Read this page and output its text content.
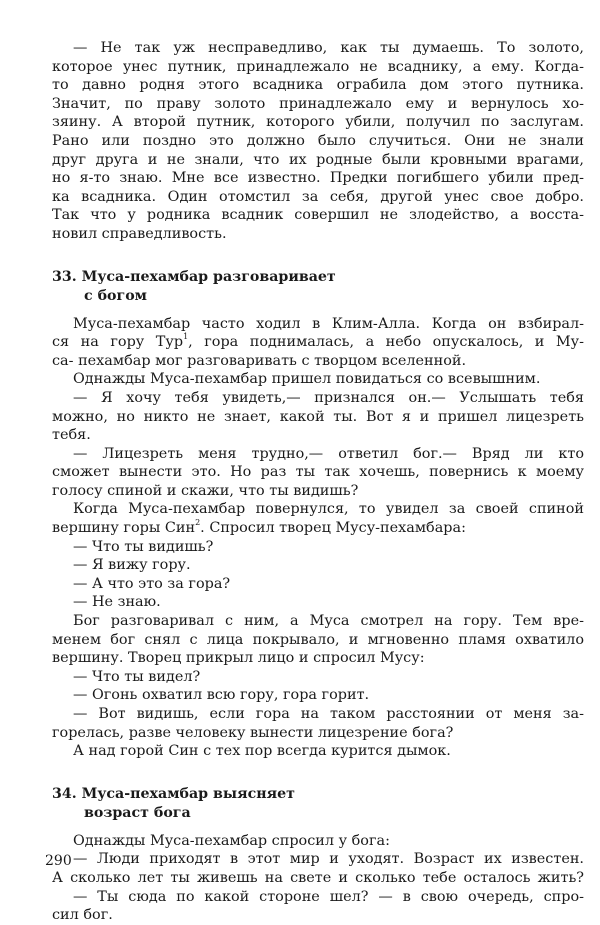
— Не так уж несправедливо, как ты думаешь. То золото,
которое унес путник, принадлежало не всаднику, а ему. Когда-
то давно родня этого всадника ограбила дом этого путника.
Значит, по праву золото принадлежало ему и вернулось хо-
зяину. А второй путник, которого убили, получил по заслугам.
Рано или поздно это должно было случиться. Они не знали
друг друга и не знали, что их родные были кровными врагами,
но я-то знаю. Мне все известно. Предки погибшего убили пред-
ка всадника. Один отомстил за себя, другой унес свое добро.
Так что у родника всадник совершил не злодейство, а восста-
новил справедливость.
33. Муса-пехамбар разговаривает
с богом
Муса-пехамбар часто ходил в Клим-Алла. Когда он взбирал-
ся на гору Тур$^1$, гора поднималась, а небо опускалось, и Му-
са- пехамбар мог разговаривать с творцом вселенной.
Однажды Муса-пехамбар пришел повидаться со всевышним.
— Я хочу тебя увидеть,— признался он.— Услышать тебя
можно, но никто не знает, какой ты. Вот я и пришел лицезреть
тебя.
— Лицезреть меня трудно,— ответил бог.— Вряд ли кто
сможет вынести это. Но раз ты так хочешь, повернись к моему
голосу спиной и скажи, что ты видишь?
Когда Муса-пехамбар повернулся, то увидел за своей спиной
вершину горы Син$^2$. Спросил творец Мусу-пехамбара:
— Что ты видишь?
— Я вижу гору.
— А что это за гора?
— Не знаю.
Бог разговаривал с ним, а Муса смотрел на гору. Тем вре-
менем бог снял с лица покрывало, и мгновенно пламя охватило
вершину. Творец прикрыл лицо и спросил Мусу:
— Что ты видел?
— Огонь охватил всю гору, гора горит.
— Вот видишь, если гора на таком расстоянии от меня за-
горелась, разве человеку вынести лицезрение бога?
А над горой Син с тех пор всегда курится дымок.
34. Муса-пехамбар выясняет
возраст бога
Однажды Муса-пехамбар спросил у бога:
— Люди приходят в этот мир и уходят. Возраст их известен.
А сколько лет ты живешь на свете и сколько тебе осталось жить?
— Ты сюда по какой стороне шел? — в свою очередь, спро-
сил бог.
290
